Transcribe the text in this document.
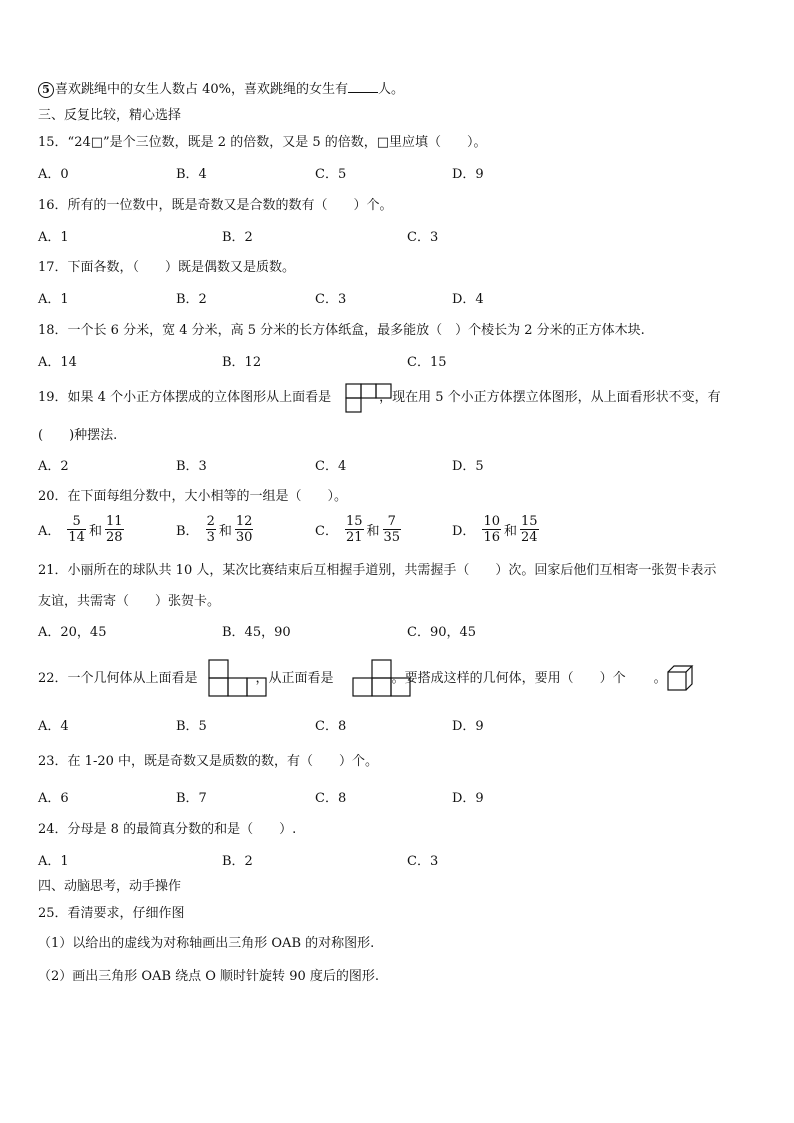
5 喜欢跳绳中的女生人数占 40%，喜欢跳绳的女生有 人。
三、反复比较，精心选择
15．“24□”是个三位数，既是 2 的倍数，又是 5 的倍数，□里应填（　　）。
A．0	B．4	C．5	D．9
16．所有的一位数中，既是奇数又是合数的数有（　　）个。
A．1	B．2	C．3
17．下面各数，（　　）既是偶数又是质数。
A．1	B．2	C．3	D．4
18．一个长 6 分米，宽 4 分米，高 5 分米的长方体纸盒，最多能放（　）个棱长为 2 分米的正方体木块.
A．14	B．12	C．15
19．如果 4 个小正方体摆成的立体图形从上面看是	，现在用 5 个小正方体摆立体图形，从上面看形状不变，有
(　　)种摆法.
A．2	B．3	C．4	D．5
20．在下面每组分数中，大小相等的一组是（　　）。
A． $\frac{5}{14}$ 和 $\frac{11}{28}$	B． $\frac{2}{3}$ 和 $\frac{12}{30}$	C． $\frac{15}{21}$ 和 $\frac{7}{35}$	D． $\frac{10}{16}$ 和 $\frac{15}{24}$
21．小丽所在的球队共 10 人，某次比赛结束后互相握手道别，共需握手（　　）次。回家后他们互相寄一张贺卡表示
友谊，共需寄（　　）张贺卡。
A．20，45	B．45，90	C．90，45
22．一个几何体从上面看是	，从正面看是	。要搭成这样的几何体，要用（　　）个 。
A．4	B．5	C．8	D．9
23．在 1-20 中，既是奇数又是质数的数，有（　　）个。
A．6	B．7	C．8	D．9
24．分母是 8 的最简真分数的和是（　　）.
A．1	B．2	C．3
四、动脑思考，动手操作
25．看清要求，仔细作图
（1）以给出的虚线为对称轴画出三角形 OAB 的对称图形.
（2）画出三角形 OAB 绕点 O 顺时针旋转 90 度后的图形.
